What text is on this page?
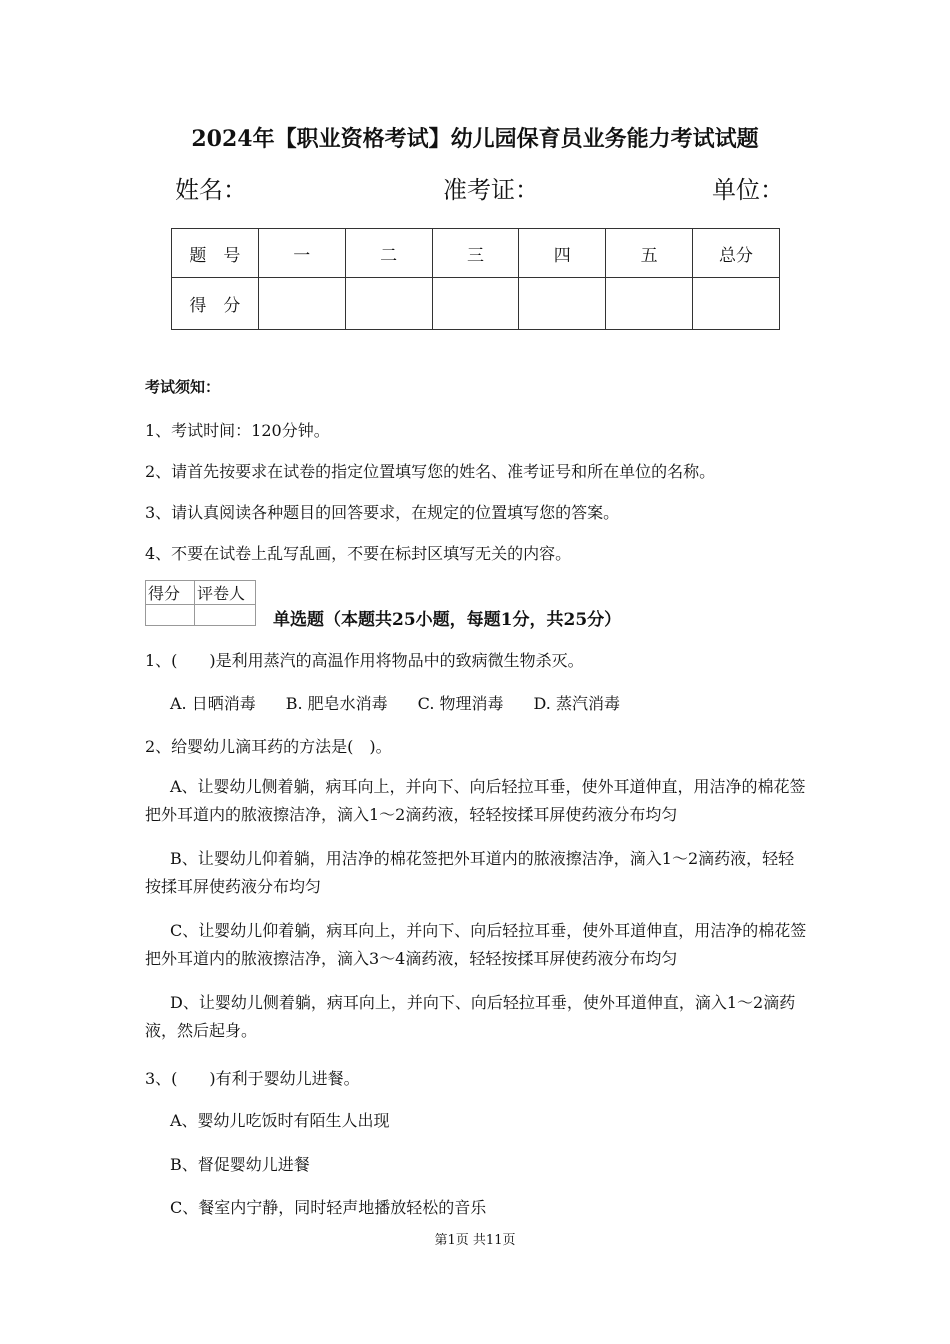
2024年【职业资格考试】幼儿园保育员业务能力考试试题
姓名：	准考证：	单位：
题　号	一	二	三	四	五	总分
得　分						
考试须知：
1、考试时间：120分钟。
2、请首先按要求在试卷的指定位置填写您的姓名、准考证号和所在单位的名称。
3、请认真阅读各种题目的回答要求，在规定的位置填写您的答案。
4、不要在试卷上乱写乱画，不要在标封区填写无关的内容。
得分	评卷人

单选题（本题共25小题，每题1分，共25分）
1、(　　)是利用蒸汽的高温作用将物品中的致病微生物杀灭。
A. 日晒消毒 B. 肥皂水消毒 C. 物理消毒 D. 蒸汽消毒
2、给婴幼儿滴耳药的方法是(　)。
A、让婴幼儿侧着躺，病耳向上，并向下、向后轻拉耳垂，使外耳道伸直，用洁净的棉花签把外耳道内的脓液擦洁净，滴入1～2滴药液，轻轻按揉耳屏使药液分布均匀
B、让婴幼儿仰着躺，用洁净的棉花签把外耳道内的脓液擦洁净，滴入1～2滴药液，轻轻按揉耳屏使药液分布均匀
C、让婴幼儿仰着躺，病耳向上，并向下、向后轻拉耳垂，使外耳道伸直，用洁净的棉花签把外耳道内的脓液擦洁净，滴入3～4滴药液，轻轻按揉耳屏使药液分布均匀
D、让婴幼儿侧着躺，病耳向上，并向下、向后轻拉耳垂，使外耳道伸直，滴入1～2滴药液，然后起身。
3、(　　)有利于婴幼儿进餐。
A、婴幼儿吃饭时有陌生人出现
B、督促婴幼儿进餐
C、餐室内宁静，同时轻声地播放轻松的音乐
第1页 共11页
